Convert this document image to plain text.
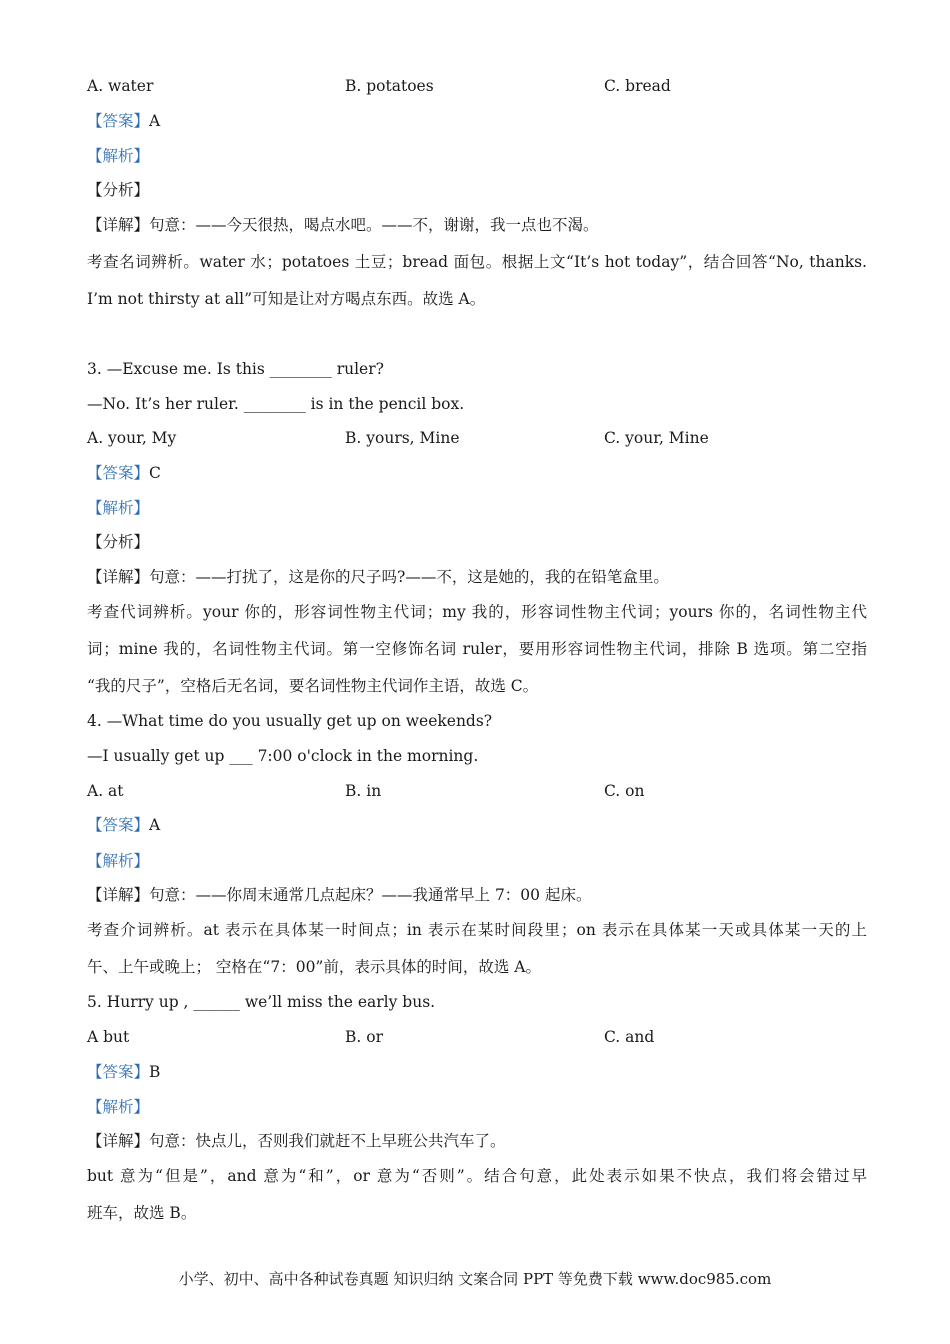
A. water	B. potatoes	C. bread
【答案】A
【解析】
【分析】
【详解】句意：——今天很热，喝点水吧。——不，谢谢，我一点也不渴。
考查名词辨析。water 水；potatoes 土豆；bread 面包。根据上文“It’s hot today”，结合回答“No, thanks.
I’m not thirsty at all”可知是让对方喝点东西。故选 A。
3. —Excuse me. Is this ________ ruler?
—No. It’s her ruler. ________ is in the pencil box.
A. your, My	B. yours, Mine	C. your, Mine
【答案】C
【解析】
【分析】
【详解】句意：——打扰了，这是你的尺子吗?——不，这是她的，我的在铅笔盒里。
考查代词辨析。your 你的，形容词性物主代词；my 我的，形容词性物主代词；yours 你的，名词性物主代
词；mine 我的，名词性物主代词。第一空修饰名词 ruler，要用形容词性物主代词，排除 B 选项。第二空指
“我的尺子”，空格后无名词，要名词性物主代词作主语，故选 C。
4. —What time do you usually get up on weekends?
—I usually get up ___ 7:00 o'clock in the morning.
A. at	B. in	C. on
【答案】A
【解析】
【详解】句意：——你周末通常几点起床？——我通常早上 7：00 起床。
考查介词辨析。at 表示在具体某一时间点；in 表示在某时间段里；on 表示在具体某一天或具体某一天的上
午、上午或晚上； 空格在“7：00”前，表示具体的时间，故选 A。
5. Hurry up , ______ we’ll miss the early bus.
A but	B. or	C. and
【答案】B
【解析】
【详解】句意：快点儿，否则我们就赶不上早班公共汽车了。
but 意为“但是”，and 意为“和”，or 意为“否则”。结合句意，此处表示如果不快点，我们将会错过早
班车，故选 B。
小学、初中、高中各种试卷真题 知识归纳 文案合同 PPT 等免费下载 www.doc985.com
